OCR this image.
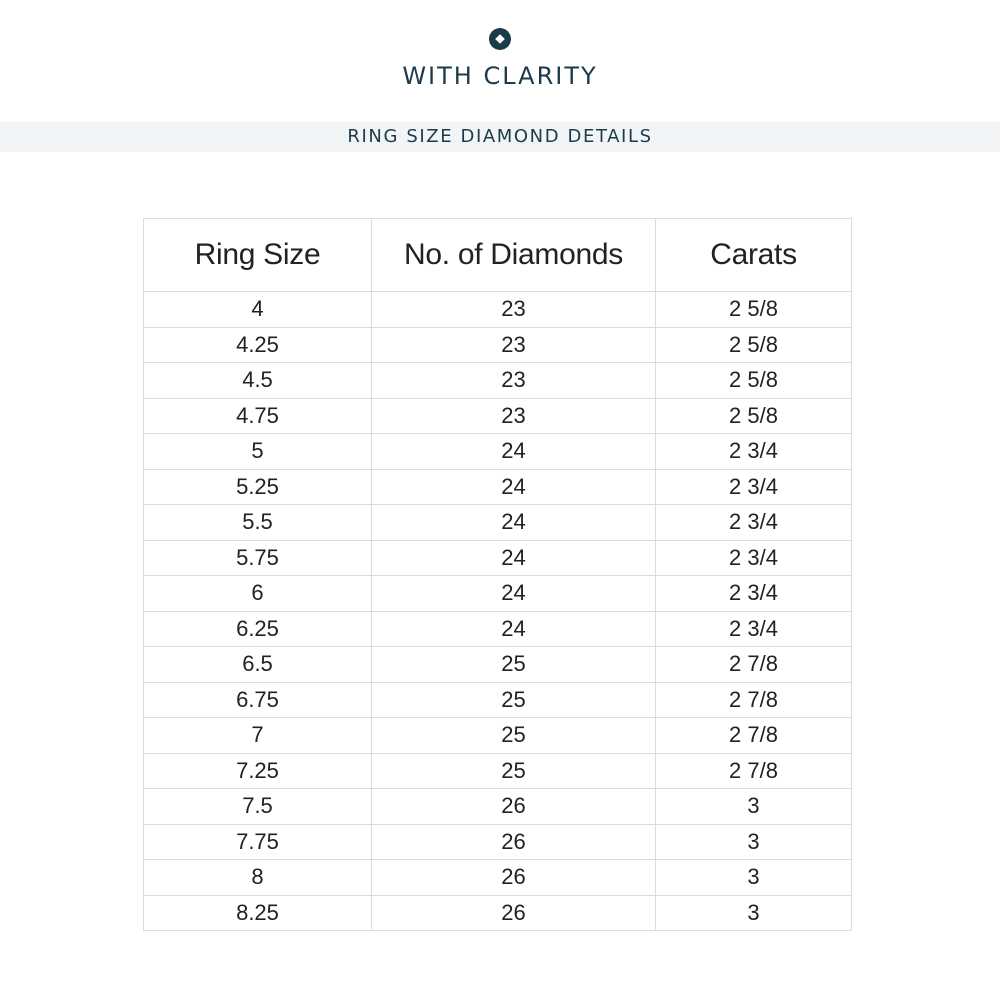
WITH CLARITY
RING SIZE DIAMOND DETAILS
Ring Size	No. of Diamonds	Carats
4	23	2 5/8
4.25	23	2 5/8
4.5	23	2 5/8
4.75	23	2 5/8
5	24	2 3/4
5.25	24	2 3/4
5.5	24	2 3/4
5.75	24	2 3/4
6	24	2 3/4
6.25	24	2 3/4
6.5	25	2 7/8
6.75	25	2 7/8
7	25	2 7/8
7.25	25	2 7/8
7.5	26	3
7.75	26	3
8	26	3
8.25	26	3
